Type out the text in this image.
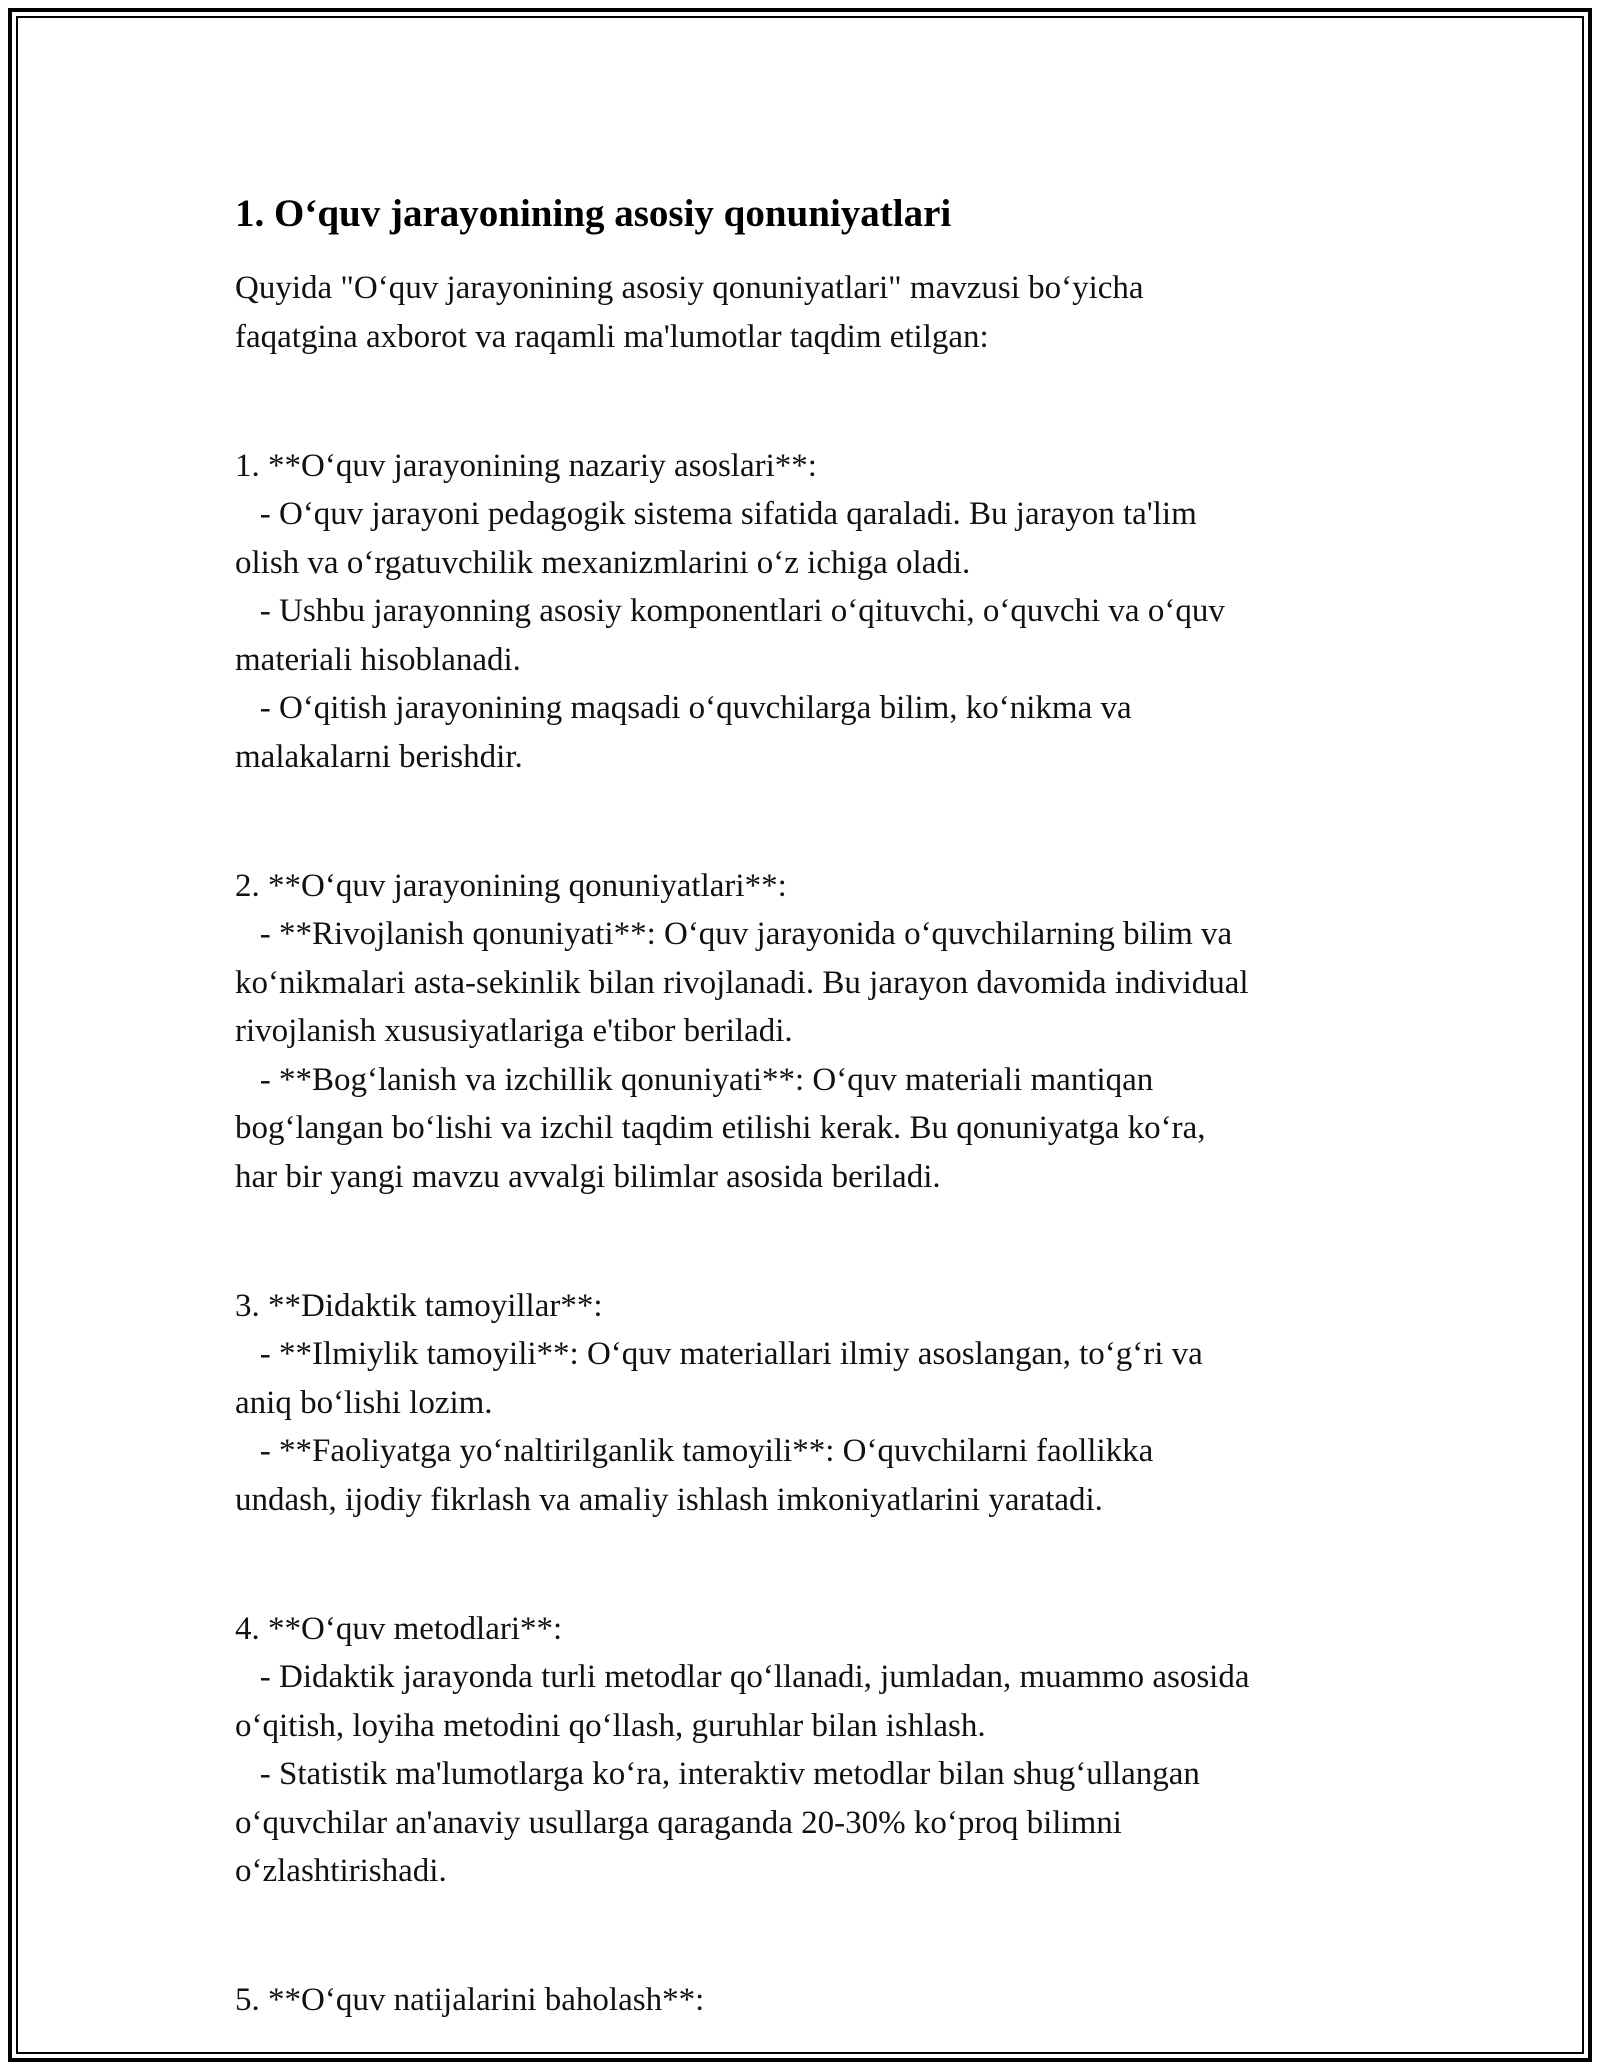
1. O‘quv jarayonining asosiy qonuniyatlari

Quyida "O‘quv jarayonining asosiy qonuniyatlari" mavzusi bo‘yicha

faqatgina axborot va raqamli ma'lumotlar taqdim etilgan:

1. **O‘quv jarayonining nazariy asoslari**:

- O‘quv jarayoni pedagogik sistema sifatida qaraladi. Bu jarayon ta'lim

olish va o‘rgatuvchilik mexanizmlarini o‘z ichiga oladi.

- Ushbu jarayonning asosiy komponentlari o‘qituvchi, o‘quvchi va o‘quv

materiali hisoblanadi.

- O‘qitish jarayonining maqsadi o‘quvchilarga bilim, ko‘nikma va

malakalarni berishdir.

2. **O‘quv jarayonining qonuniyatlari**:

- **Rivojlanish qonuniyati**: O‘quv jarayonida o‘quvchilarning bilim va

ko‘nikmalari asta-sekinlik bilan rivojlanadi. Bu jarayon davomida individual

rivojlanish xususiyatlariga e'tibor beriladi.

- **Bog‘lanish va izchillik qonuniyati**: O‘quv materiali mantiqan

bog‘langan bo‘lishi va izchil taqdim etilishi kerak. Bu qonuniyatga ko‘ra,

har bir yangi mavzu avvalgi bilimlar asosida beriladi.

3. **Didaktik tamoyillar**:

- **Ilmiylik tamoyili**: O‘quv materiallari ilmiy asoslangan, to‘g‘ri va

aniq bo‘lishi lozim.

- **Faoliyatga yo‘naltirilganlik tamoyili**: O‘quvchilarni faollikka

undash, ijodiy fikrlash va amaliy ishlash imkoniyatlarini yaratadi.

4. **O‘quv metodlari**:

- Didaktik jarayonda turli metodlar qo‘llanadi, jumladan, muammo asosida

o‘qitish, loyiha metodini qo‘llash, guruhlar bilan ishlash.

- Statistik ma'lumotlarga ko‘ra, interaktiv metodlar bilan shug‘ullangan

o‘quvchilar an'anaviy usullarga qaraganda 20-30% ko‘proq bilimni

o‘zlashtirishadi.

5. **O‘quv natijalarini baholash**:
